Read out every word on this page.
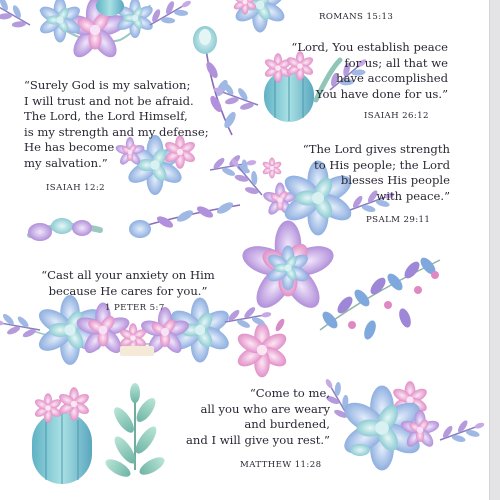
ROMANS 15:13
“Lord, You establish peace
for us; all that we
have accomplished
You have done for us.”
ISAIAH 26:12
“Surely God is my salvation;
I will trust and not be afraid.
The Lord, the Lord Himself,
is my strength and my defense;
He has become
my salvation.”
ISAIAH 12:2
“The Lord gives strength
to His people; the Lord
blesses His people
with peace.”
PSALM 29:11
“Cast all your anxiety on Him
because He cares for you.”
1 PETER 5:7
“Come to me,
all you who are weary
and burdened,
and I will give you rest.”
MATTHEW 11:28
